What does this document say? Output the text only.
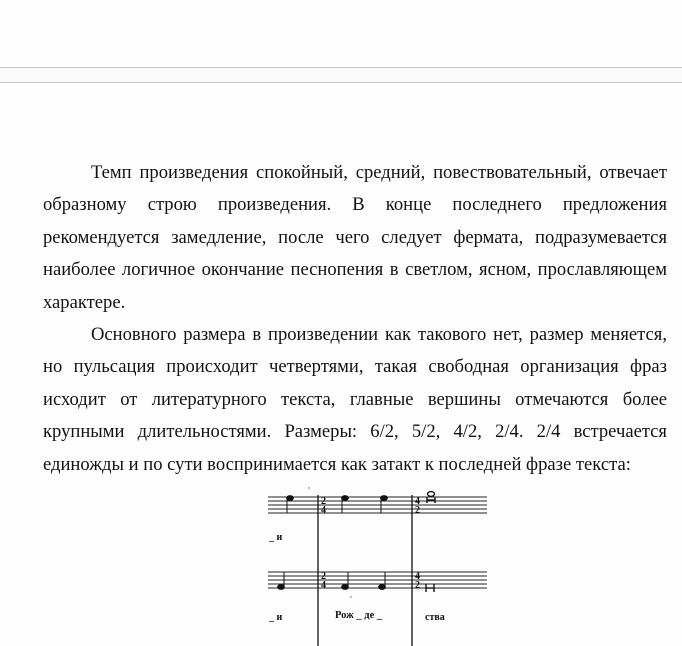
Темп произведения спокойный, средний, повествовательный, отвечает образному строю произведения. В конце последнего предложения рекомендуется замедление, после чего следует фермата, подразумевается наиболее логичное окончание песнопения в светлом, ясном, прославляющем характере.

Основного размера в произведении как такового нет, размер меняется, но пульсация происходит четвертями, такая свободная организация фраз исходит от литературного текста, главные вершины отмечаются более крупными длительностями. Размеры: 6/2, 5/2, 4/2, 2/4. 2/4 встречается единожды и по сути воспринимается как затакт к последней фразе текста:

2
4
4
2
2
4
4
2
_ и
_ и	Рож _ де _	ства
